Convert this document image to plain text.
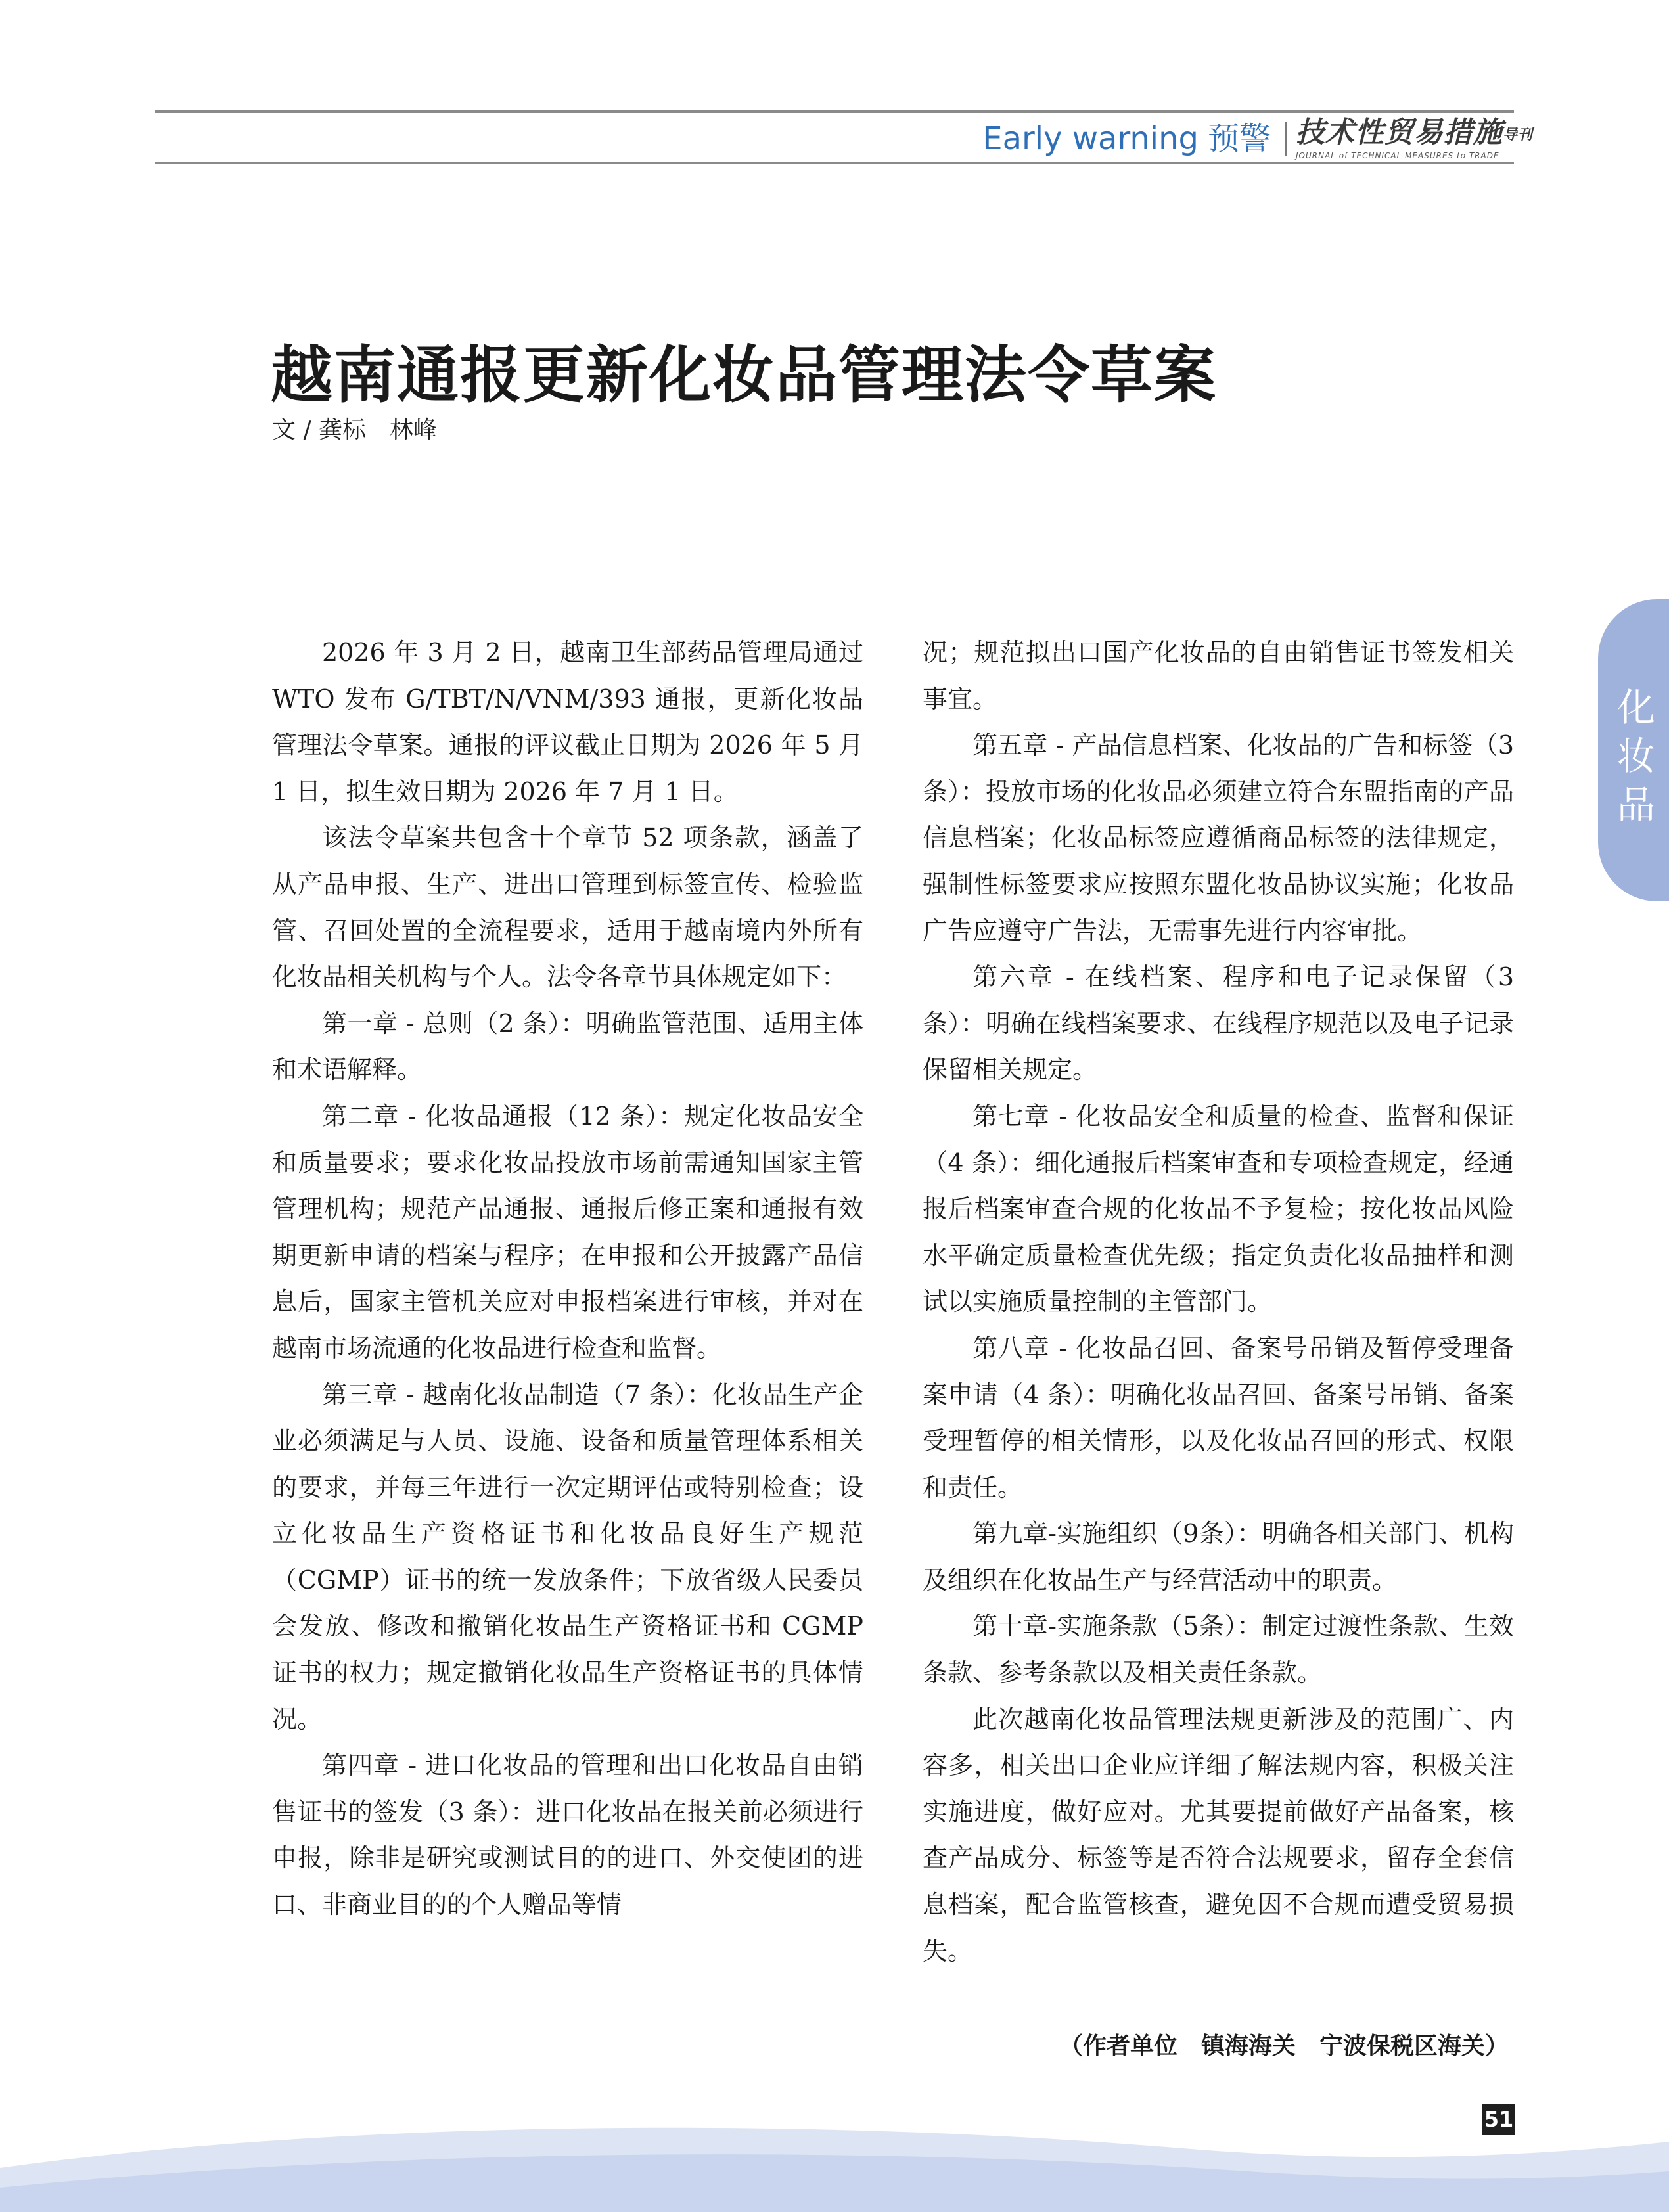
Early warning 预警 技术性贸易措施导刊
JOURNAL of TECHNICAL MEASURES to TRADE
越南通报更新化妆品管理法令草案
文 / 龚标　林峰
化
妆
品

2026 年 3 月 2 日，越南卫生部药品管理局通过 WTO 发布 G/TBT/N/VNM/393 通报，更新化妆品管理法令草案。通报的评议截止日期为 2026 年 5 月 1 日，拟生效日期为 2026 年 7 月 1 日。

该法令草案共包含十个章节 52 项条款，涵盖了从产品申报、生产、进出口管理到标签宣传、检验监管、召回处置的全流程要求，适用于越南境内外所有化妆品相关机构与个人。法令各章节具体规定如下：

第一章 - 总则（2 条）：明确监管范围、适用主体和术语解释。

第二章 - 化妆品通报（12 条）：规定化妆品安全和质量要求；要求化妆品投放市场前需通知国家主管管理机构；规范产品通报、通报后修正案和通报有效期更新申请的档案与程序；在申报和公开披露产品信息后，国家主管机关应对申报档案进行审核，并对在越南市场流通的化妆品进行检查和监督。

第三章 - 越南化妆品制造（7 条）：化妆品生产企业必须满足与人员、设施、设备和质量管理体系相关的要求，并每三年进行一次定期评估或特别检查；设立化妆品生产资格证书和化妆品良好生产规范（CGMP）证书的统一发放条件；下放省级人民委员会发放、修改和撤销化妆品生产资格证书和 CGMP 证书的权力；规定撤销化妆品生产资格证书的具体情况。

第四章 - 进口化妆品的管理和出口化妆品自由销售证书的签发（3 条）：进口化妆品在报关前必须进行申报，除非是研究或测试目的的进口、外交使团的进口、非商业目的的个人赠品等情

况；规范拟出口国产化妆品的自由销售证书签发相关事宜。

第五章 - 产品信息档案、化妆品的广告和标签（3 条）：投放市场的化妆品必须建立符合东盟指南的产品信息档案；化妆品标签应遵循商品标签的法律规定，强制性标签要求应按照东盟化妆品协议实施；化妆品广告应遵守广告法，无需事先进行内容审批。

第六章 - 在线档案、程序和电子记录保留（3 条）：明确在线档案要求、在线程序规范以及电子记录保留相关规定。

第七章 - 化妆品安全和质量的检查、监督和保证（4 条）：细化通报后档案审查和专项检查规定，经通报后档案审查合规的化妆品不予复检；按化妆品风险水平确定质量检查优先级；指定负责化妆品抽样和测试以实施质量控制的主管部门。

第八章 - 化妆品召回、备案号吊销及暂停受理备案申请（4 条）：明确化妆品召回、备案号吊销、备案受理暂停的相关情形，以及化妆品召回的形式、权限和责任。

第九章-实施组织（9条）：明确各相关部门、机构及组织在化妆品生产与经营活动中的职责。

第十章-实施条款（5条）：制定过渡性条款、生效条款、参考条款以及相关责任条款。

此次越南化妆品管理法规更新涉及的范围广、内容多，相关出口企业应详细了解法规内容，积极关注实施进度，做好应对。尤其要提前做好产品备案，核查产品成分、标签等是否符合法规要求，留存全套信息档案，配合监管核查，避免因不合规而遭受贸易损失。

（作者单位　镇海海关　宁波保税区海关）
51
